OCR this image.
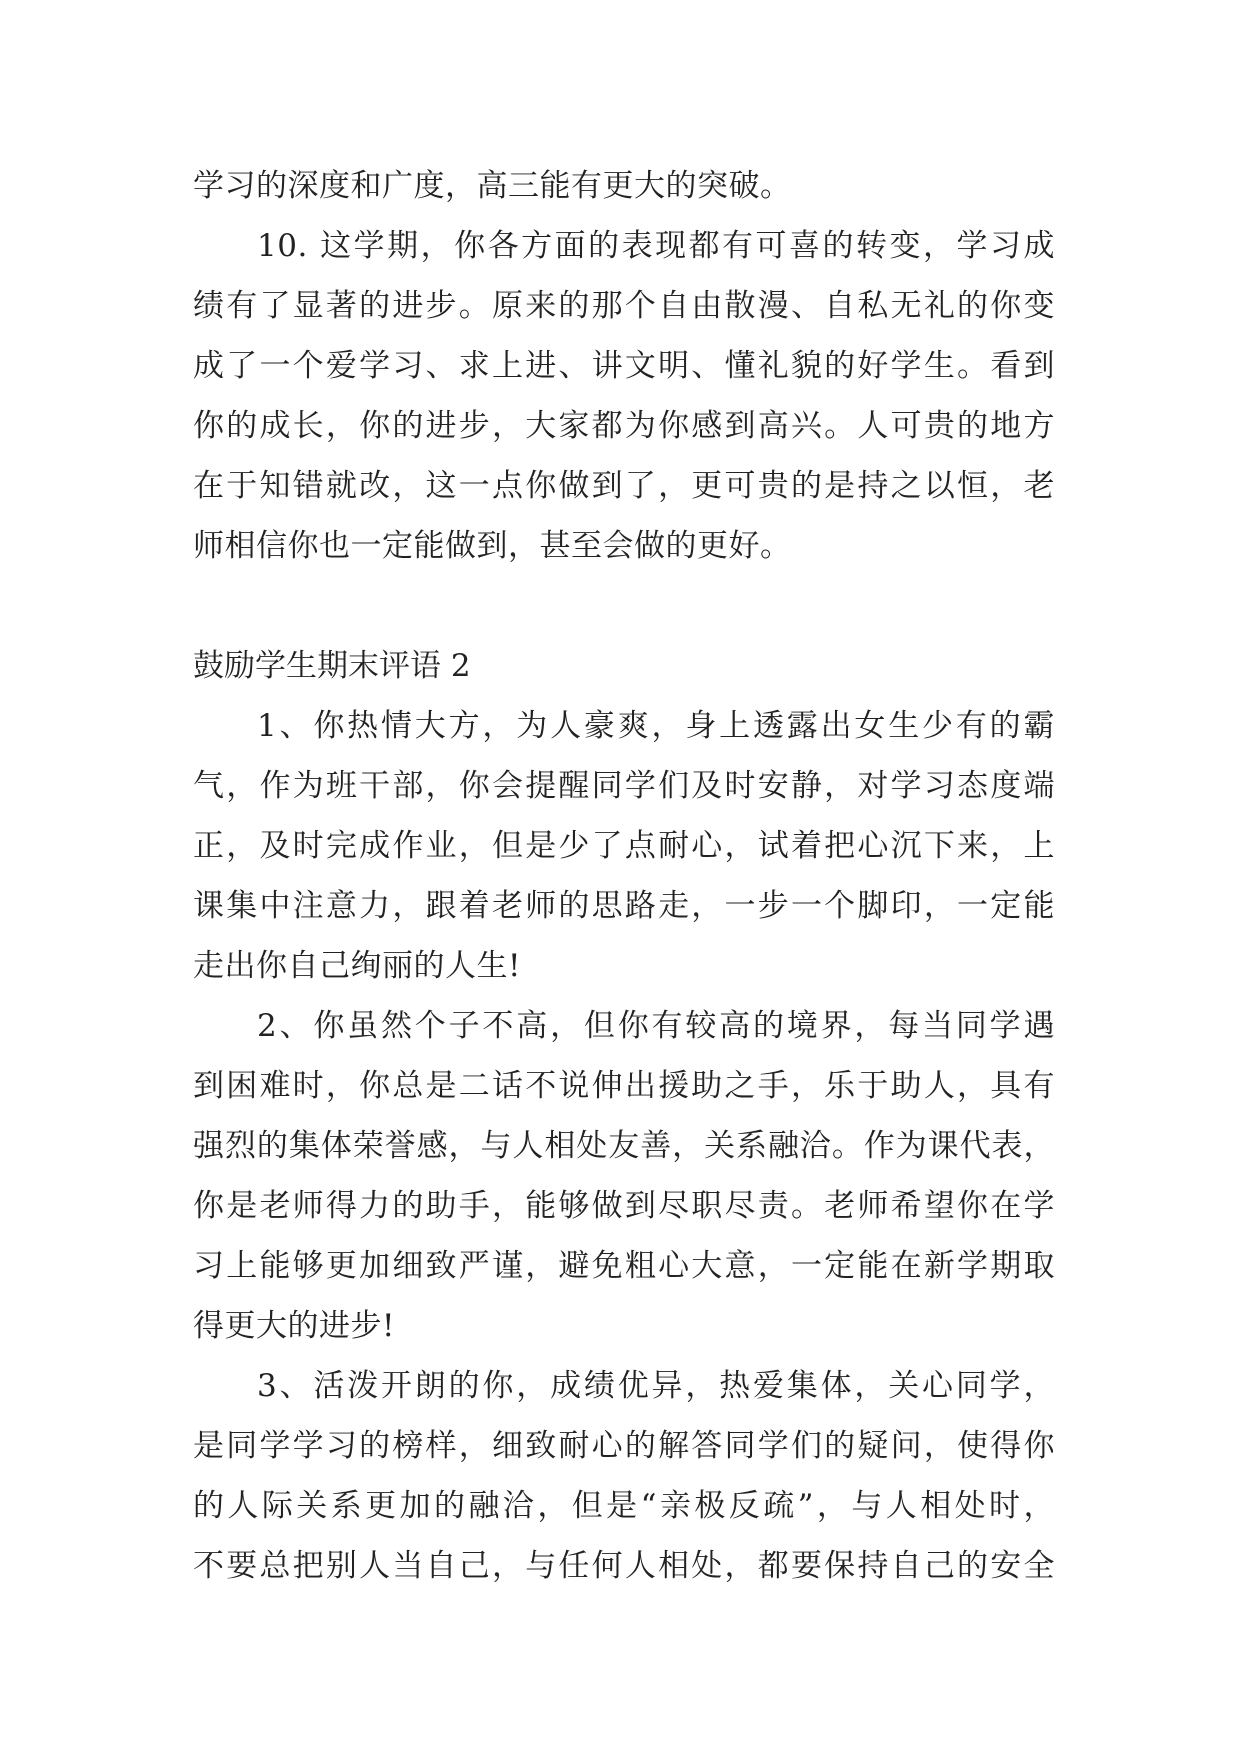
学习的深度和广度，高三能有更大的突破。
10. 这学期，你各方面的表现都有可喜的转变，学习成
绩有了显著的进步。原来的那个自由散漫、自私无礼的你变
成了一个爱学习、求上进、讲文明、懂礼貌的好学生。看到
你的成长，你的进步，大家都为你感到高兴。人可贵的地方
在于知错就改，这一点你做到了，更可贵的是持之以恒，老
师相信你也一定能做到，甚至会做的更好。
鼓励学生期末评语 2
1、你热情大方，为人豪爽，身上透露出女生少有的霸
气，作为班干部，你会提醒同学们及时安静，对学习态度端
正，及时完成作业，但是少了点耐心，试着把心沉下来，上
课集中注意力，跟着老师的思路走，一步一个脚印，一定能
走出你自己绚丽的人生!
2、你虽然个子不高，但你有较高的境界，每当同学遇
到困难时，你总是二话不说伸出援助之手，乐于助人，具有
强烈的集体荣誉感，与人相处友善，关系融洽。作为课代表，
你是老师得力的助手，能够做到尽职尽责。老师希望你在学
习上能够更加细致严谨，避免粗心大意，一定能在新学期取
得更大的进步!
3、活泼开朗的你，成绩优异，热爱集体，关心同学，
是同学学习的榜样，细致耐心的解答同学们的疑问，使得你
的人际关系更加的融洽，但是“亲极反疏”，与人相处时，
不要总把别人当自己，与任何人相处，都要保持自己的安全
